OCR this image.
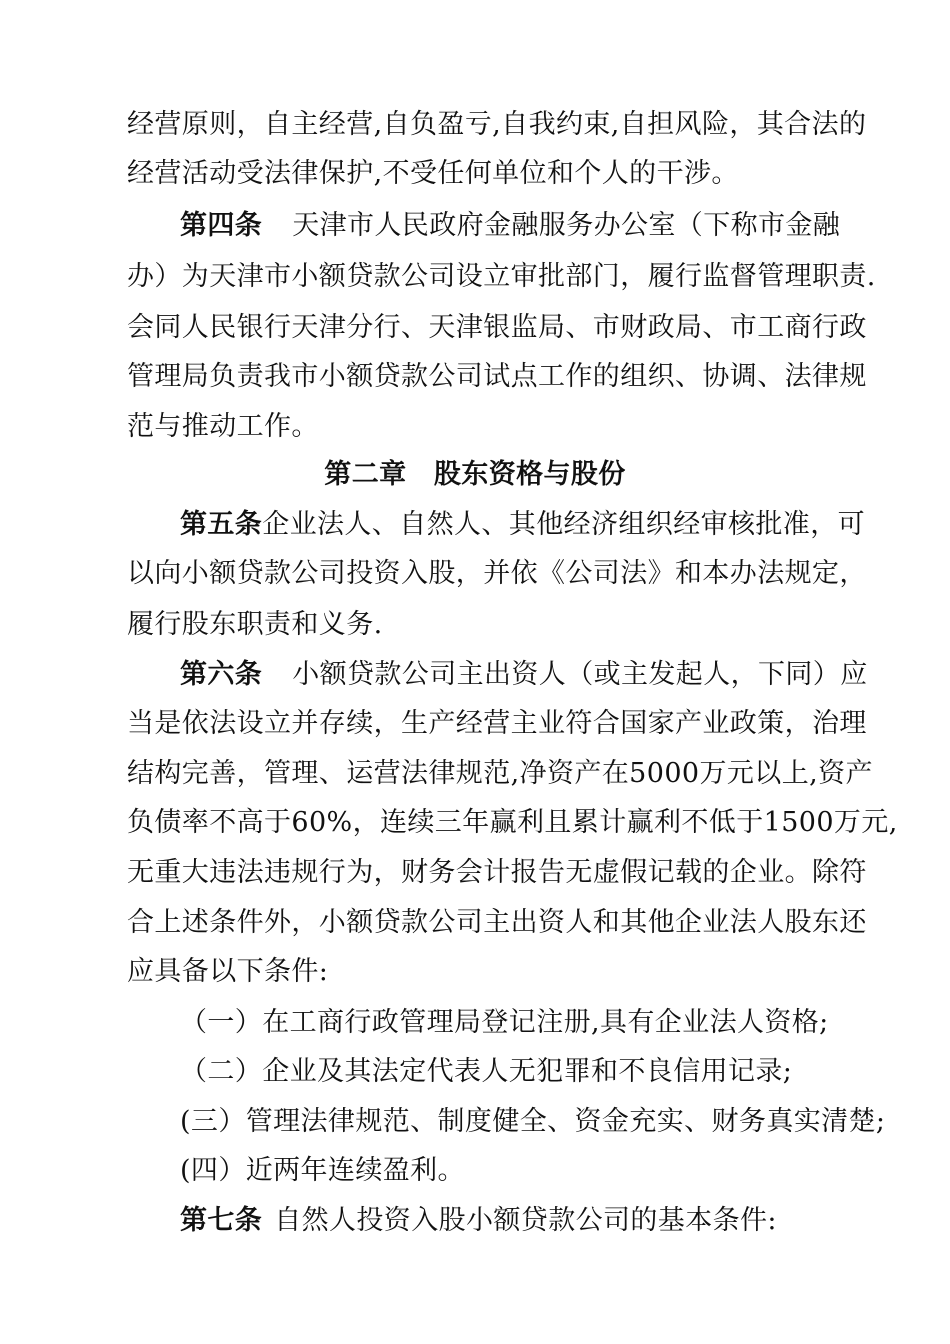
经营原则，自主经营,自负盈亏,自我约束,自担风险，其合法的
经营活动受法律保护,不受任何单位和个人的干涉。
第四条 天津市人民政府金融服务办公室（下称市金融
办）为天津市小额贷款公司设立审批部门，履行监督管理职责.
会同人民银行天津分行、天津银监局、市财政局、市工商行政
管理局负责我市小额贷款公司试点工作的组织、协调、法律规
范与推动工作。
第二章　股东资格与股份
第五条企业法人、自然人、其他经济组织经审核批准，可
以向小额贷款公司投资入股，并依《公司法》和本办法规定，
履行股东职责和义务.
第六条 小额贷款公司主出资人（或主发起人，下同）应
当是依法设立并存续，生产经营主业符合国家产业政策，治理
结构完善，管理、运营法律规范,净资产在5000万元以上,资产
负债率不高于60%，连续三年赢利且累计赢利不低于1500万元,
无重大违法违规行为，财务会计报告无虚假记载的企业。除符
合上述条件外，小额贷款公司主出资人和其他企业法人股东还
应具备以下条件:
（一）在工商行政管理局登记注册,具有企业法人资格;
（二）企业及其法定代表人无犯罪和不良信用记录;
(三）管理法律规范、制度健全、资金充实、财务真实清楚;
(四）近两年连续盈利。
第七条 自然人投资入股小额贷款公司的基本条件:
